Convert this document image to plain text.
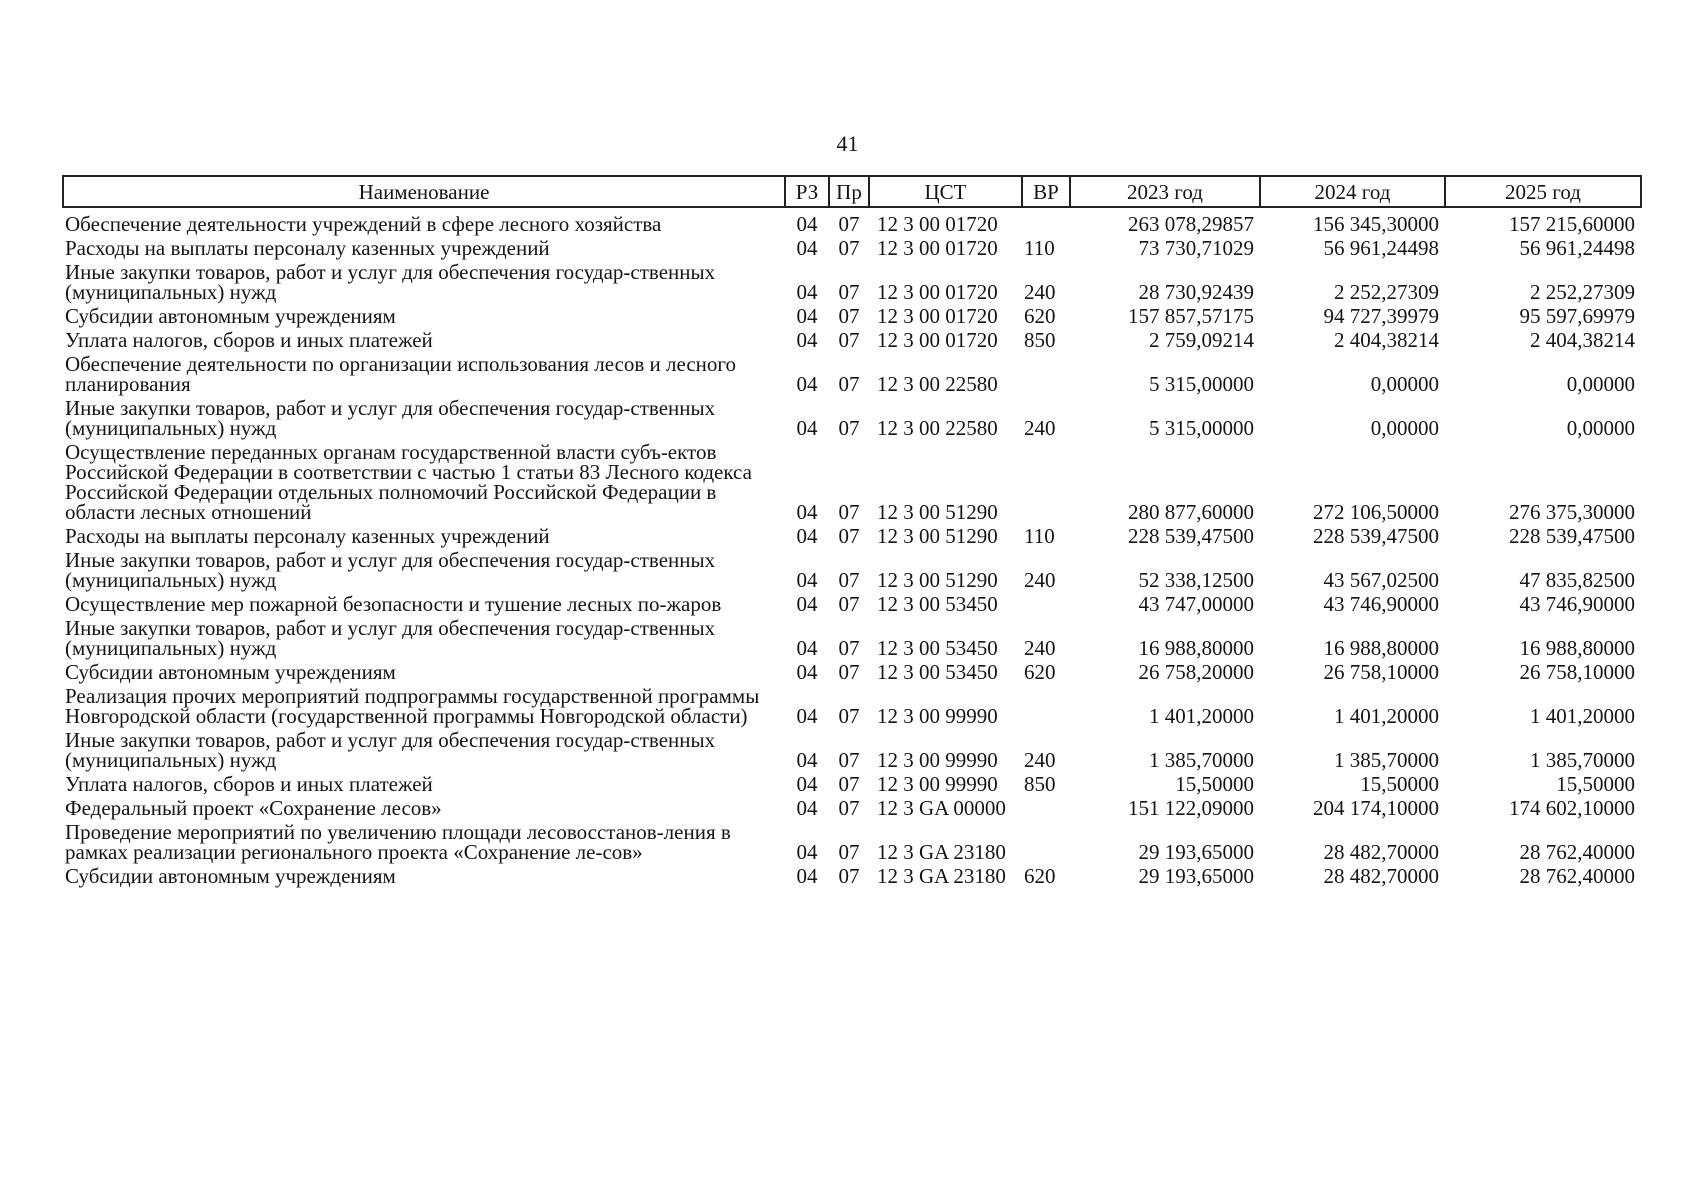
41
Наименование	РЗ	Пр	ЦСТ	ВР	2023 год	2024 год	2025 год
Обеспечение деятельности учреждений в сфере лесного хозяйства	04	07	12 3 00 01720		263 078,29857	156 345,30000	157 215,60000
Расходы на выплаты персоналу казенных учреждений	04	07	12 3 00 01720	110	73 730,71029	56 961,24498	56 961,24498
Иные закупки товаров, работ и услуг для обеспечения государ-ственных (муниципальных) нужд	04	07	12 3 00 01720	240	28 730,92439	2 252,27309	2 252,27309
Субсидии автономным учреждениям	04	07	12 3 00 01720	620	157 857,57175	94 727,39979	95 597,69979
Уплата налогов, сборов и иных платежей	04	07	12 3 00 01720	850	2 759,09214	2 404,38214	2 404,38214
Обеспечение деятельности по организации использования лесов и лесного планирования	04	07	12 3 00 22580		5 315,00000	0,00000	0,00000
Иные закупки товаров, работ и услуг для обеспечения государ-ственных (муниципальных) нужд	04	07	12 3 00 22580	240	5 315,00000	0,00000	0,00000
Осуществление переданных органам государственной власти субъ-ектов Российской Федерации в соответствии с частью 1 статьи 83 Лесного кодекса Российской Федерации отдельных полномочий Российской Федерации в области лесных отношений	04	07	12 3 00 51290		280 877,60000	272 106,50000	276 375,30000
Расходы на выплаты персоналу казенных учреждений	04	07	12 3 00 51290	110	228 539,47500	228 539,47500	228 539,47500
Иные закупки товаров, работ и услуг для обеспечения государ-ственных (муниципальных) нужд	04	07	12 3 00 51290	240	52 338,12500	43 567,02500	47 835,82500
Осуществление мер пожарной безопасности и тушение лесных по-жаров	04	07	12 3 00 53450		43 747,00000	43 746,90000	43 746,90000
Иные закупки товаров, работ и услуг для обеспечения государ-ственных (муниципальных) нужд	04	07	12 3 00 53450	240	16 988,80000	16 988,80000	16 988,80000
Субсидии автономным учреждениям	04	07	12 3 00 53450	620	26 758,20000	26 758,10000	26 758,10000
Реализация прочих мероприятий подпрограммы государственной программы Новгородской области (государственной программы Новгородской области)	04	07	12 3 00 99990		1 401,20000	1 401,20000	1 401,20000
Иные закупки товаров, работ и услуг для обеспечения государ-ственных (муниципальных) нужд	04	07	12 3 00 99990	240	1 385,70000	1 385,70000	1 385,70000
Уплата налогов, сборов и иных платежей	04	07	12 3 00 99990	850	15,50000	15,50000	15,50000
Федеральный проект «Сохранение лесов»	04	07	12 3 GA 00000		151 122,09000	204 174,10000	174 602,10000
Проведение мероприятий по увеличению площади лесовосстанов-ления в рамках реализации регионального проекта «Сохранение ле-сов»	04	07	12 3 GA 23180		29 193,65000	28 482,70000	28 762,40000
Субсидии автономным учреждениям	04	07	12 3 GA 23180	620	29 193,65000	28 482,70000	28 762,40000
